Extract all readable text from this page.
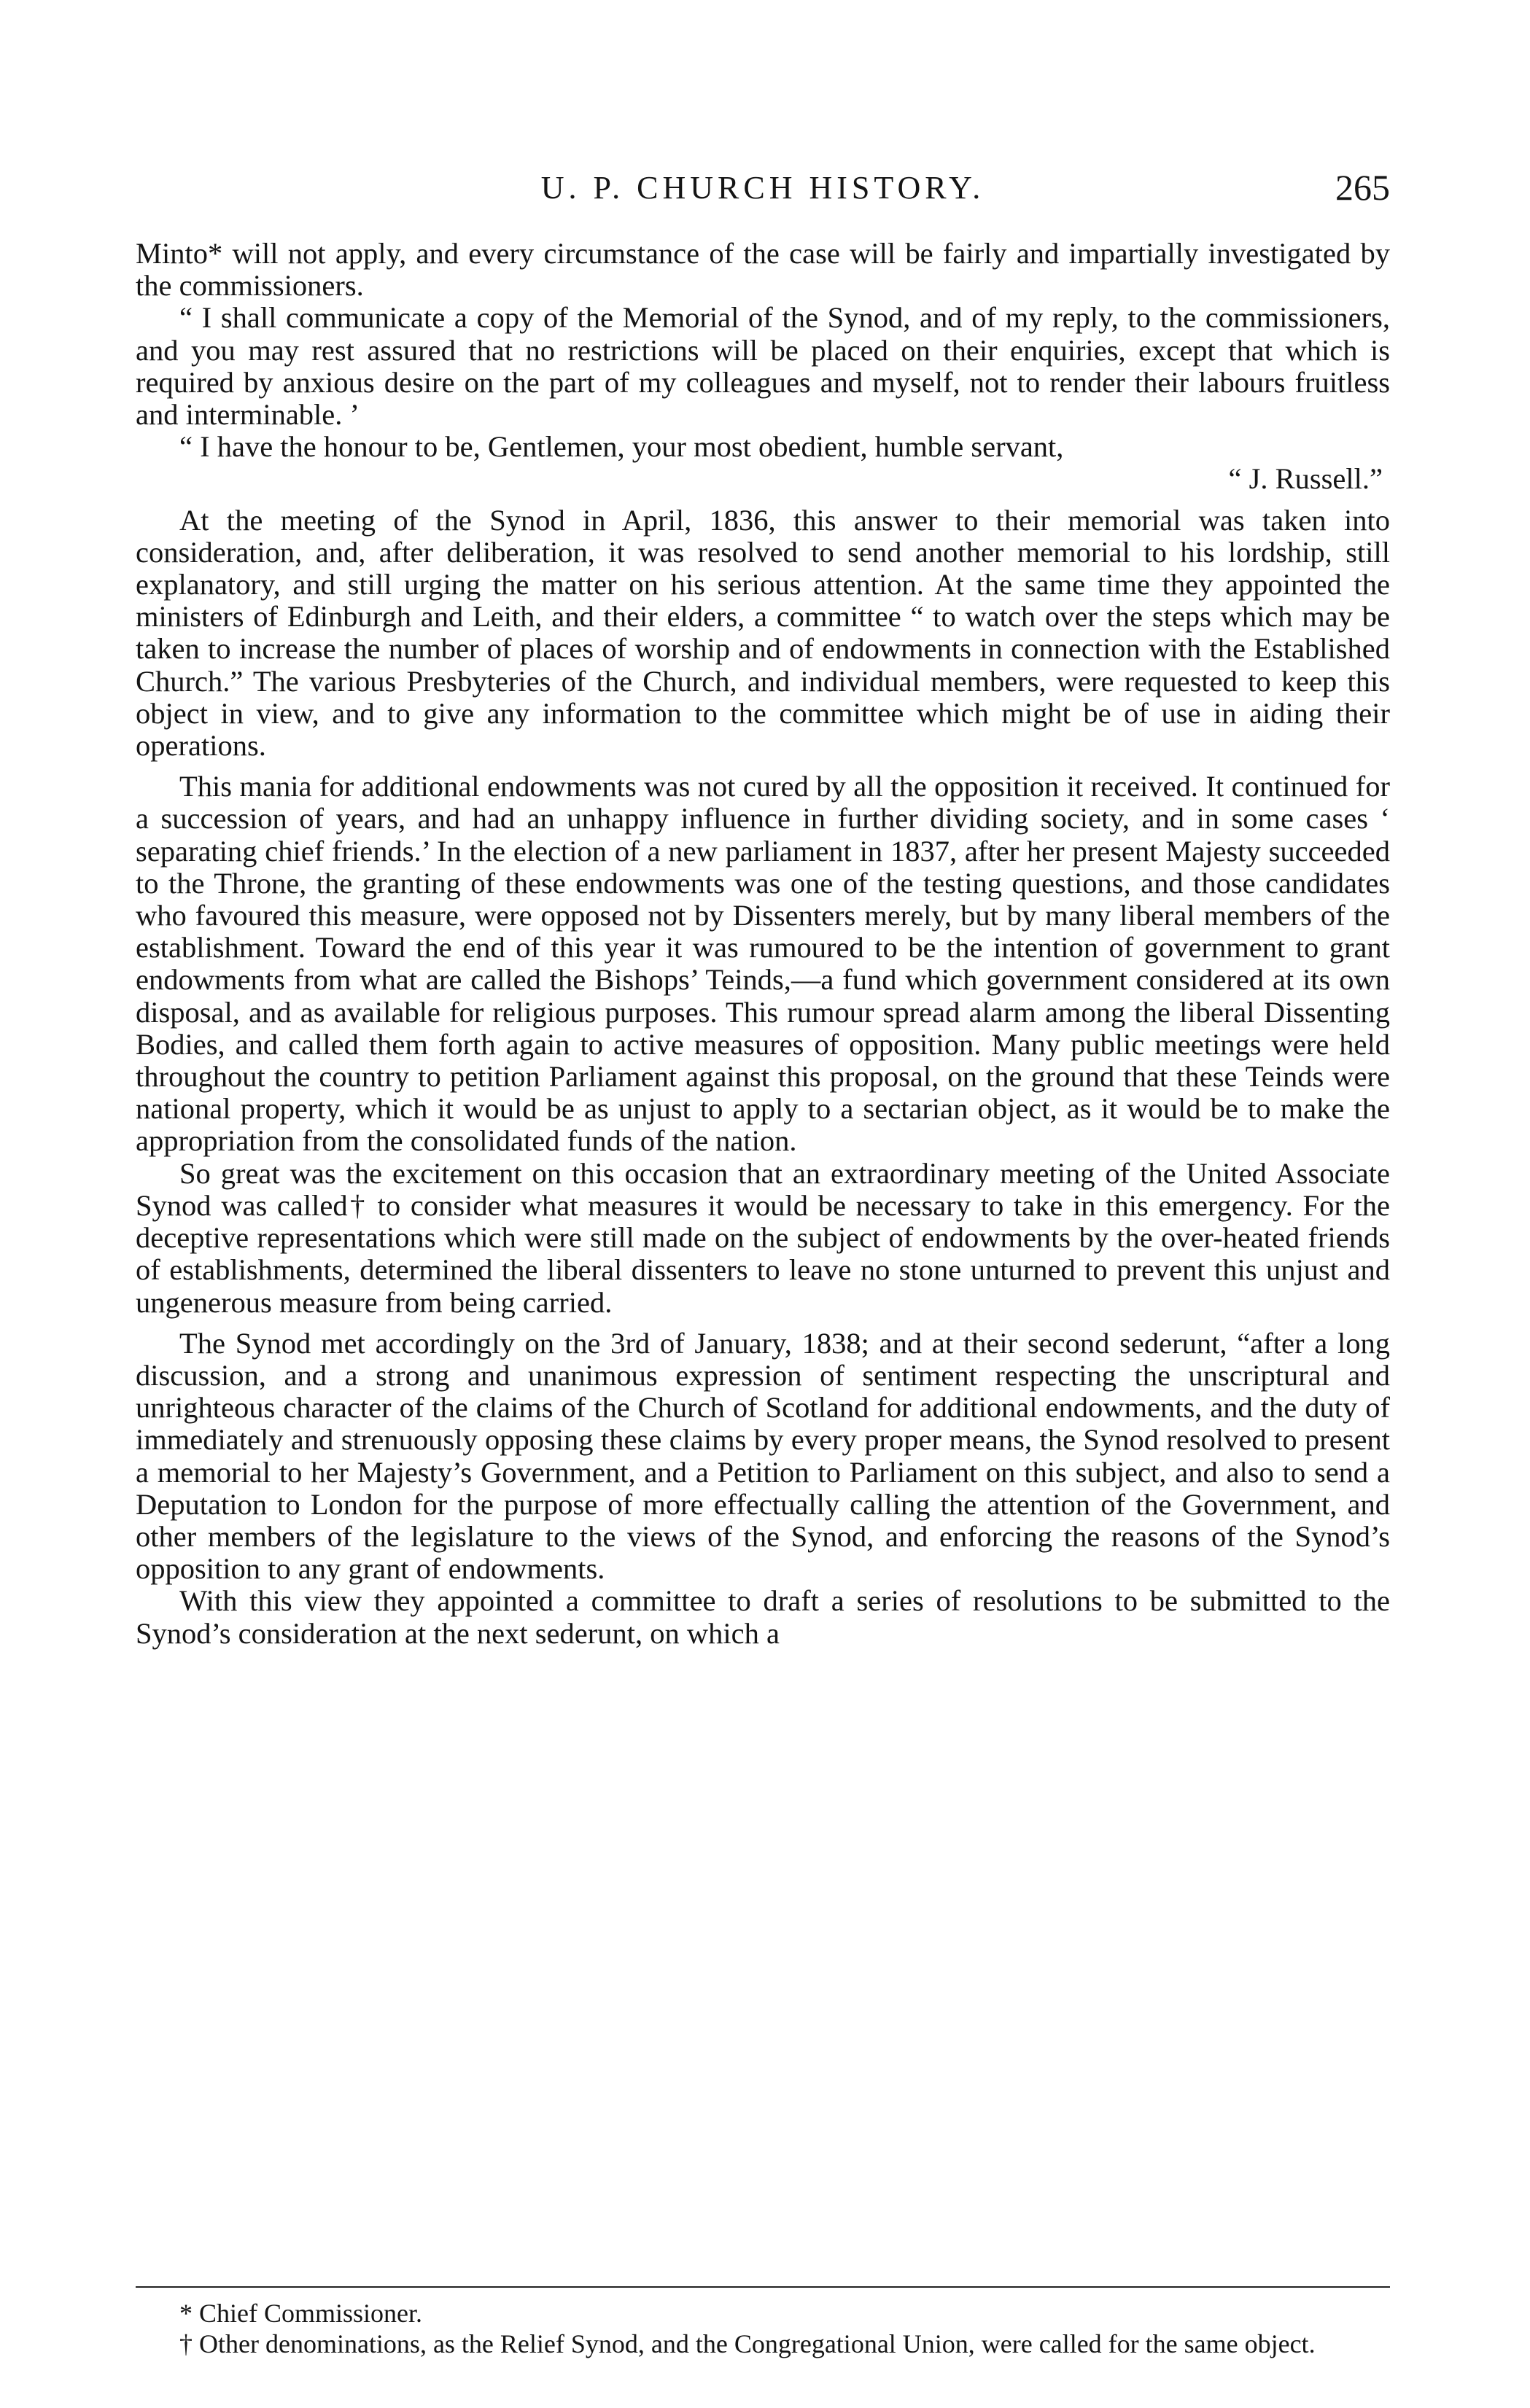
U. P. CHURCH HISTORY.	265

Minto* will not apply, and every circumstance of the case will be fairly and impartially investigated by the commissioners.

“ I shall communicate a copy of the Memorial of the Synod, and of my reply, to the commissioners, and you may rest assured that no restrictions will be placed on their enquiries, except that which is required by anxious desire on the part of my colleagues and myself, not to render their labours fruitless and interminable. ’

“ I have the honour to be, Gentlemen, your most obedient, humble servant,

“ J. Russell.”

At the meeting of the Synod in April, 1836, this answer to their memorial was taken into consideration, and, after deliberation, it was resolved to send another memorial to his lordship, still explanatory, and still urging the matter on his serious attention. At the same time they appointed the ministers of Edinburgh and Leith, and their elders, a committee “ to watch over the steps which may be taken to increase the number of places of worship and of endowments in connection with the Established Church.” The various Presbyteries of the Church, and individual members, were requested to keep this object in view, and to give any information to the committee which might be of use in aiding their operations.

This mania for additional endowments was not cured by all the opposition it received. It continued for a succession of years, and had an unhappy influence in further dividing society, and in some cases ‘ separating chief friends.’ In the election of a new parliament in 1837, after her present Majesty succeeded to the Throne, the granting of these endowments was one of the testing questions, and those candidates who favoured this measure, were opposed not by Dissenters merely, but by many liberal members of the establishment. Toward the end of this year it was rumoured to be the intention of government to grant endowments from what are called the Bishops’ Teinds,—a fund which government considered at its own disposal, and as available for religious purposes. This rumour spread alarm among the liberal Dissenting Bodies, and called them forth again to active measures of opposition. Many public meetings were held throughout the country to petition Parliament against this proposal, on the ground that these Teinds were national property, which it would be as unjust to apply to a sectarian object, as it would be to make the appropriation from the consolidated funds of the nation.

So great was the excitement on this occasion that an extraordinary meeting of the United Associate Synod was called† to consider what measures it would be necessary to take in this emergency. For the deceptive representations which were still made on the subject of endowments by the over-heated friends of establishments, determined the liberal dissenters to leave no stone unturned to prevent this unjust and ungenerous measure from being carried.

The Synod met accordingly on the 3rd of January, 1838; and at their second sederunt, “after a long discussion, and a strong and unanimous expression of sentiment respecting the unscriptural and unrighteous character of the claims of the Church of Scotland for additional endowments, and the duty of immediately and strenuously opposing these claims by every proper means, the Synod resolved to present a memorial to her Majesty’s Government, and a Petition to Parliament on this subject, and also to send a Deputation to London for the purpose of more effectually calling the attention of the Government, and other members of the legislature to the views of the Synod, and enforcing the reasons of the Synod’s opposition to any grant of endowments.

With this view they appointed a committee to draft a series of resolutions to be submitted to the Synod’s consideration at the next sederunt, on which a

* Chief Commissioner.

† Other denominations, as the Relief Synod, and the Congregational Union, were called for the same object.
